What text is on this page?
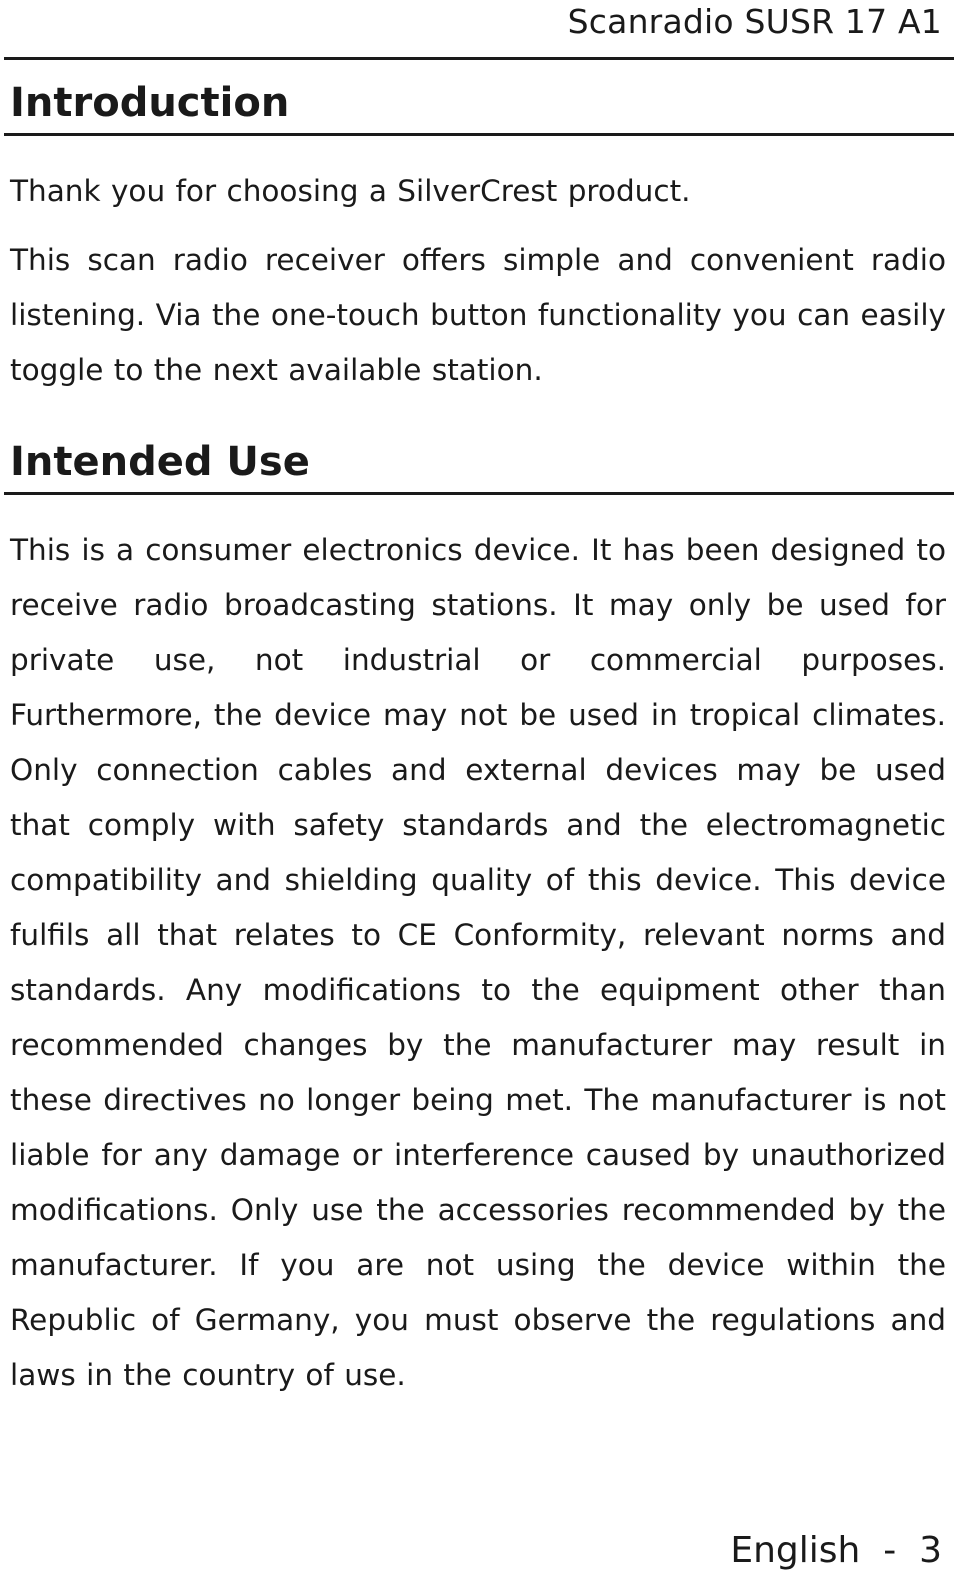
Scanradio SUSR 17 A1
Introduction

Thank you for choosing a SilverCrest product.

This scan radio receiver offers simple and convenient radio listening. Via the one-touch button functionality you can easily toggle to the next available station.

Intended Use

This is a consumer electronics device. It has been designed to receive radio broadcasting stations. It may only be used for private use, not industrial or commercial purposes. Furthermore, the device may not be used in tropical climates. Only connection cables and external devices may be used that comply with safety standards and the electromagnetic compatibility and shielding quality of this device. This device fulfils all that relates to CE Conformity, relevant norms and standards. Any modifications to the equipment other than recommended changes by the manufacturer may result in these directives no longer being met. The manufacturer is not liable for any damage or interference caused by unauthorized modifications. Only use the accessories recommended by the manufacturer. If you are not using the device within the Republic of Germany, you must observe the regulations and laws in the country of use.

English  -  3
